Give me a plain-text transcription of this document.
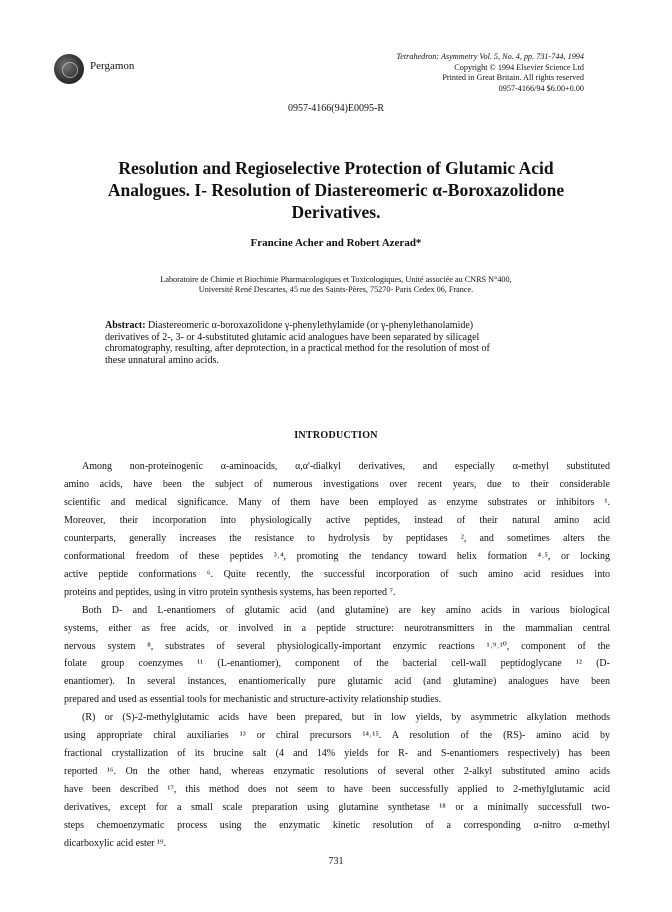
Pergamon
Tetrahedron: Asymmetry Vol. 5, No. 4, pp. 731-744, 1994
Copyright © 1994 Elsevier Science Ltd
Printed in Great Britain. All rights reserved
0957-4166/94 $6.00+0.00
0957-4166(94)E0095-R
Resolution and Regioselective Protection of Glutamic Acid
Analogues. I- Resolution of Diastereomeric α-Boroxazolidone
Derivatives.
Francine Acher and Robert Azerad*
Laboratoire de Chimie et Biochimie Pharmacologiques et Toxicologiques, Unité associée au CNRS N°400,
Université René Descartes, 45 rue des Saints-Pères, 75270- Paris Cedex 06, France.
Abstract: Diastereomeric α-boroxazolidone γ-phenylethylamide (or γ-phenylethanolamide)
derivatives of 2-, 3- or 4-substituted glutamic acid analogues have been separated by silicagel
chromatography, resulting, after deprotection, in a practical method for the resolution of most of
these unnatural amino acids.
INTRODUCTION
Among non-proteinogenic α-aminoacids, α,α'-dialkyl derivatives, and especially α-methyl substituted
amino acids, have been the subject of numerous investigations over recent years, due to their considerable
scientific and medical significance. Many of them have been employed as enzyme substrates or inhibitors ¹.
Moreover, their incorporation into physiologically active peptides, instead of their natural amino acid
counterparts, generally increases the resistance to hydrolysis by peptidases ², and sometimes alters the
conformational freedom of these peptides ³˒⁴, promoting the tendancy toward helix formation ⁴˒⁵, or locking
active peptide conformations ⁶. Quite recently, the successful incorporation of such amino acid residues into
proteins and peptides, using in vitro protein synthesis systems, has been reported ⁷.
Both D- and L-enantiomers of glutamic acid (and glutamine) are key amino acids in various biological
systems, either as free acids, or involved in a peptide structure: neurotransmitters in the mammalian central
nervous system ⁸, substrates of several physiologically-important enzymic reactions ¹˒⁹˒¹⁰, component of the
folate group coenzymes ¹¹ (L-enantiomer), component of the bacterial cell-wall peptidoglycane ¹² (D-
enantiomer). In several instances, enantiomerically pure glutamic acid (and glutamine) analogues have been
prepared and used as essential tools for mechanistic and structure-activity relationship studies.
(R) or (S)-2-methylglutamic acids have been prepared, but in low yields, by asymmetric alkylation methods
using appropriate chiral auxiliaries ¹³ or chiral precursors ¹⁴˒¹⁵. A resolution of the (RS)- amino acid by
fractional crystallization of its brucine salt (4 and 14% yields for R- and S-enantiomers respectively) has been
reported ¹⁶. On the other hand, whereas enzymatic resolutions of several other 2-alkyl substituted amino acids
have been described ¹⁷, this method does not seem to have been successfully applied to 2-methylglutamic acid
derivatives, except for a small scale preparation using glutamine synthetase ¹⁸ or a minimally successfull two-
steps chemoenzymatic process using the enzymatic kinetic resolution of a corresponding α-nitro α-methyl
dicarboxylic acid ester ¹⁹.
731
